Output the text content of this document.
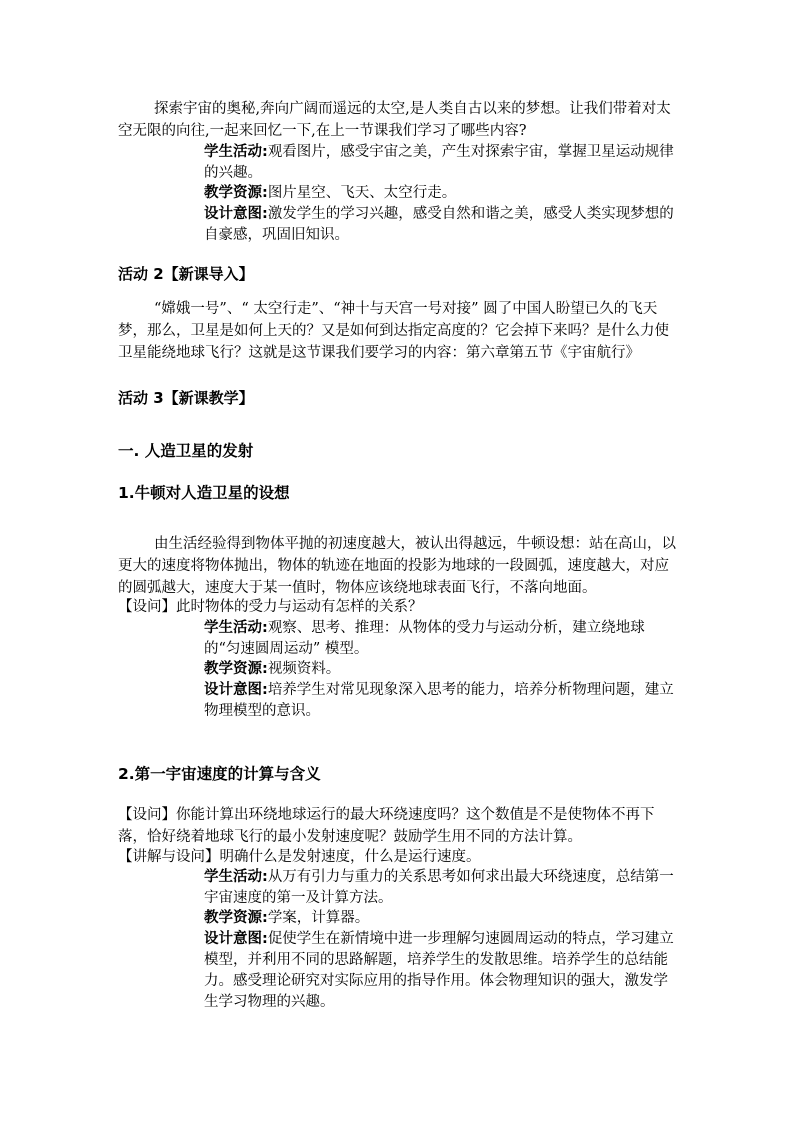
探索宇宙的奥秘,奔向广阔而遥远的太空,是人类自古以来的梦想。让我们带着对太空无限的向往,一起来回忆一下,在上一节课我们学习了哪些内容?

学生活动:观看图片，感受宇宙之美，产生对探索宇宙，掌握卫星运动规律的兴趣。

教学资源:图片星空、飞天、太空行走。

设计意图:激发学生的学习兴趣，感受自然和谐之美，感受人类实现梦想的自豪感，巩固旧知识。

活动 2【新课导入】

“嫦娥一号”、“ 太空行走”、“神十与天宫一号对接” 圆了中国人盼望已久的飞天梦，那么，卫星是如何上天的？又是如何到达指定高度的？它会掉下来吗？是什么力使卫星能绕地球飞行？这就是这节课我们要学习的内容：第六章第五节《宇宙航行》

活动 3【新课教学】

一. 人造卫星的发射

1.牛顿对人造卫星的设想

由生活经验得到物体平抛的初速度越大，被认出得越远，牛顿设想：站在高山，以更大的速度将物体抛出，物体的轨迹在地面的投影为地球的一段圆弧，速度越大，对应的圆弧越大，速度大于某一值时，物体应该绕地球表面飞行，不落向地面。

【设问】此时物体的受力与运动有怎样的关系？

学生活动:观察、思考、推理：从物体的受力与运动分析，建立绕地球的“匀速圆周运动” 模型。

教学资源:视频资料。

设计意图:培养学生对常见现象深入思考的能力，培养分析物理问题，建立物理模型的意识。

2.第一宇宙速度的计算与含义

【设问】你能计算出环绕地球运行的最大环绕速度吗？这个数值是不是使物体不再下落，恰好绕着地球飞行的最小发射速度呢？鼓励学生用不同的方法计算。

【讲解与设问】明确什么是发射速度，什么是运行速度。

学生活动:从万有引力与重力的关系思考如何求出最大环绕速度，总结第一宇宙速度的第一及计算方法。

教学资源:学案，计算器。

设计意图:促使学生在新情境中进一步理解匀速圆周运动的特点，学习建立模型，并利用不同的思路解题，培养学生的发散思维。培养学生的总结能力。感受理论研究对实际应用的指导作用。体会物理知识的强大，激发学生学习物理的兴趣。
